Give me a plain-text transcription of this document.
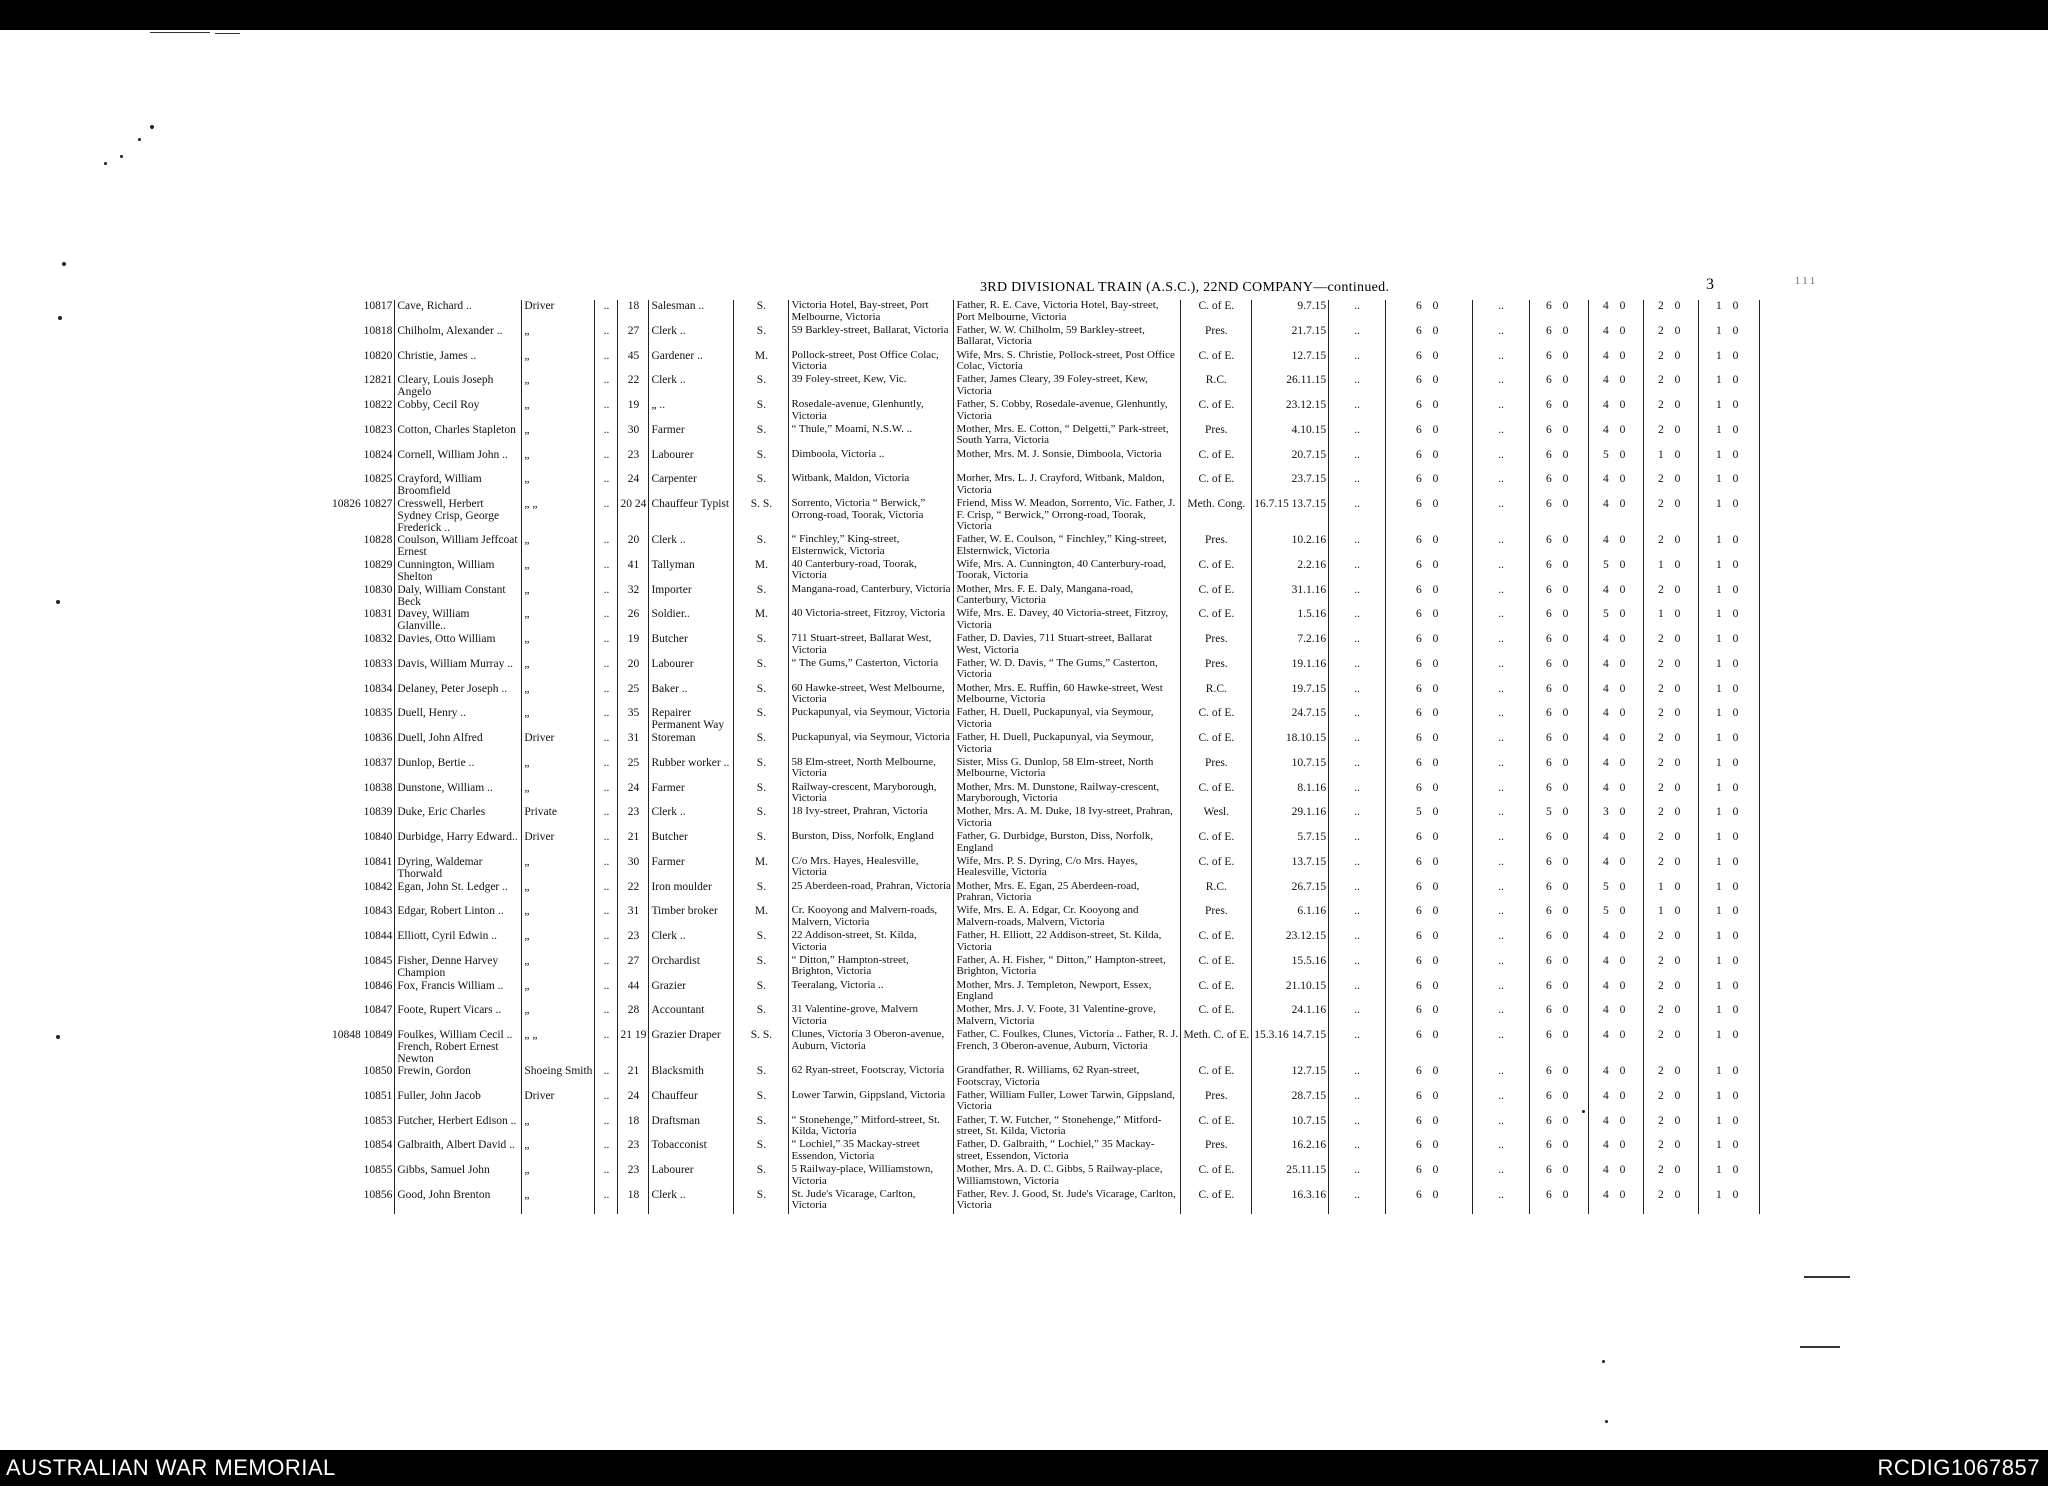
3RD DIVISIONAL TRAIN (A.S.C.), 22ND COMPANY—continued.	3	1 1 1
10817	Cave, Richard ..	Driver	..	18	Salesman ..	S.	Victoria Hotel, Bay-street, Port Melbourne, Victoria	Father, R. E. Cave, Victoria Hotel, Bay-street, Port Melbourne, Victoria	C. of E.	9.7.15	..	6 0	..	6 0	4 0	2 0	1 0
10818	Chilholm, Alexander ..	„	..	27	Clerk ..	S.	59 Barkley-street, Ballarat, Victoria	Father, W. W. Chilholm, 59 Barkley-street, Ballarat, Victoria	Pres.	21.7.15	..	6 0	..	6 0	4 0	2 0	1 0
10820	Christie, James ..	„	..	45	Gardener ..	M.	Pollock-street, Post Office Colac, Victoria	Wife, Mrs. S. Christie, Pollock-street, Post Office Colac, Victoria	C. of E.	12.7.15	..	6 0	..	6 0	4 0	2 0	1 0
12821	Cleary, Louis Joseph Angelo	„	..	22	Clerk ..	S.	39 Foley-street, Kew, Vic.	Father, James Cleary, 39 Foley-street, Kew, Victoria	R.C.	26.11.15	..	6 0	..	6 0	4 0	2 0	1 0
10822	Cobby, Cecil Roy	„	..	19	„ ..	S.	Rosedale-avenue, Glenhuntly, Victoria	Father, S. Cobby, Rosedale-avenue, Glenhuntly, Victoria	C. of E.	23.12.15	..	6 0	..	6 0	4 0	2 0	1 0
10823	Cotton, Charles Stapleton	„	..	30	Farmer	S.	“ Thule,” Moami, N.S.W. ..	Mother, Mrs. E. Cotton, “ Delgetti,” Park-street, South Yarra, Victoria	Pres.	4.10.15	..	6 0	..	6 0	4 0	2 0	1 0
10824	Cornell, William John ..	„	..	23	Labourer	S.	Dimboola, Victoria ..	Mother, Mrs. M. J. Sonsie, Dimboola, Victoria	C. of E.	20.7.15	..	6 0	..	6 0	5 0	1 0	1 0
10825	Crayford, William Broomfield	„	..	24	Carpenter	S.	Witbank, Maldon, Victoria	Morher, Mrs. L. J. Crayford, Witbank, Maldon, Victoria	C. of E.	23.7.15	..	6 0	..	6 0	4 0	2 0	1 0
10826 10827	Cresswell, Herbert Sydney Crisp, George Frederick ..	„ „	..	20 24	Chauffeur Typist	S. S.	Sorrento, Victoria “ Berwick,” Orrong-road, Toorak, Victoria	Friend, Miss W. Meadon, Sorrento, Vic. Father, J. F. Crisp, “ Berwick,” Orrong-road, Toorak, Victoria	Meth. Cong.	16.7.15 13.7.15	..	6 0	..	6 0	4 0	2 0	1 0
10828	Coulson, William Jeffcoat Ernest	„	..	20	Clerk ..	S.	“ Finchley,” King-street, Elsternwick, Victoria	Father, W. E. Coulson, “ Finchley,” King-street, Elsternwick, Victoria	Pres.	10.2.16	..	6 0	..	6 0	4 0	2 0	1 0
10829	Cunnington, William Shelton	„	..	41	Tallyman	M.	40 Canterbury-road, Toorak, Victoria	Wife, Mrs. A. Cunnington, 40 Canterbury-road, Toorak, Victoria	C. of E.	2.2.16	..	6 0	..	6 0	5 0	1 0	1 0
10830	Daly, William Constant Beck	„	..	32	Importer	S.	Mangana-road, Canterbury, Victoria	Mother, Mrs. F. E. Daly, Mangana-road, Canterbury, Victoria	C. of E.	31.1.16	..	6 0	..	6 0	4 0	2 0	1 0
10831	Davey, William Glanville..	„	..	26	Soldier..	M.	40 Victoria-street, Fitzroy, Victoria	Wife, Mrs. E. Davey, 40 Victoria-street, Fitzroy, Victoria	C. of E.	1.5.16	..	6 0	..	6 0	5 0	1 0	1 0
10832	Davies, Otto William	„	..	19	Butcher	S.	711 Stuart-street, Ballarat West, Victoria	Father, D. Davies, 711 Stuart-street, Ballarat West, Victoria	Pres.	7.2.16	..	6 0	..	6 0	4 0	2 0	1 0
10833	Davis, William Murray ..	„	..	20	Labourer	S.	“ The Gums,” Casterton, Victoria	Father, W. D. Davis, “ The Gums,” Casterton, Victoria	Pres.	19.1.16	..	6 0	..	6 0	4 0	2 0	1 0
10834	Delaney, Peter Joseph ..	„	..	25	Baker ..	S.	60 Hawke-street, West Melbourne, Victoria	Mother, Mrs. E. Ruffin, 60 Hawke-street, West Melbourne, Victoria	R.C.	19.7.15	..	6 0	..	6 0	4 0	2 0	1 0
10835	Duell, Henry ..	„	..	35	Repairer Permanent Way	S.	Puckapunyal, via Seymour, Victoria	Father, H. Duell, Puckapunyal, via Seymour, Victoria	C. of E.	24.7.15	..	6 0	..	6 0	4 0	2 0	1 0
10836	Duell, John Alfred	Driver	..	31	Storeman	S.	Puckapunyal, via Seymour, Victoria	Father, H. Duell, Puckapunyal, via Seymour, Victoria	C. of E.	18.10.15	..	6 0	..	6 0	4 0	2 0	1 0
10837	Dunlop, Bertie ..	„	..	25	Rubber worker ..	S.	58 Elm-street, North Melbourne, Victoria	Sister, Miss G. Dunlop, 58 Elm-street, North Melbourne, Victoria	Pres.	10.7.15	..	6 0	..	6 0	4 0	2 0	1 0
10838	Dunstone, William ..	„	..	24	Farmer	S.	Railway-crescent, Maryborough, Victoria	Mother, Mrs. M. Dunstone, Railway-crescent, Maryborough, Victoria	C. of E.	8.1.16	..	6 0	..	6 0	4 0	2 0	1 0
10839	Duke, Eric Charles	Private	..	23	Clerk ..	S.	18 Ivy-street, Prahran, Victoria	Mother, Mrs. A. M. Duke, 18 Ivy-street, Prahran, Victoria	Wesl.	29.1.16	..	5 0	..	5 0	3 0	2 0	1 0
10840	Durbidge, Harry Edward..	Driver	..	21	Butcher	S.	Burston, Diss, Norfolk, England	Father, G. Durbidge, Burston, Diss, Norfolk, England	C. of E.	5.7.15	..	6 0	..	6 0	4 0	2 0	1 0
10841	Dyring, Waldemar Thorwald	„	..	30	Farmer	M.	C/o Mrs. Hayes, Healesville, Victoria	Wife, Mrs. P. S. Dyring, C/o Mrs. Hayes, Healesville, Victoria	C. of E.	13.7.15	..	6 0	..	6 0	4 0	2 0	1 0
10842	Egan, John St. Ledger ..	„	..	22	Iron moulder	S.	25 Aberdeen-road, Prahran, Victoria	Mother, Mrs. E. Egan, 25 Aberdeen-road, Prahran, Victoria	R.C.	26.7.15	..	6 0	..	6 0	5 0	1 0	1 0
10843	Edgar, Robert Linton ..	„	..	31	Timber broker	M.	Cr. Kooyong and Malvern-roads, Malvern, Victoria	Wife, Mrs. E. A. Edgar, Cr. Kooyong and Malvern-roads, Malvern, Victoria	Pres.	6.1.16	..	6 0	..	6 0	5 0	1 0	1 0
10844	Elliott, Cyril Edwin ..	„	..	23	Clerk ..	S.	22 Addison-street, St. Kilda, Victoria	Father, H. Elliott, 22 Addison-street, St. Kilda, Victoria	C. of E.	23.12.15	..	6 0	..	6 0	4 0	2 0	1 0
10845	Fisher, Denne Harvey Champion	„	..	27	Orchardist	S.	“ Ditton,” Hampton-street, Brighton, Victoria	Father, A. H. Fisher, “ Ditton,” Hampton-street, Brighton, Victoria	C. of E.	15.5.16	..	6 0	..	6 0	4 0	2 0	1 0
10846	Fox, Francis William ..	„	..	44	Grazier	S.	Teeralang, Victoria ..	Mother, Mrs. J. Templeton, Newport, Essex, England	C. of E.	21.10.15	..	6 0	..	6 0	4 0	2 0	1 0
10847	Foote, Rupert Vicars ..	„	..	28	Accountant	S.	31 Valentine-grove, Malvern Victoria	Mother, Mrs. J. V. Foote, 31 Valentine-grove, Malvern, Victoria	C. of E.	24.1.16	..	6 0	..	6 0	4 0	2 0	1 0
10848 10849	Foulkes, William Cecil .. French, Robert Ernest Newton	„ „	..	21 19	Grazier Draper	S. S.	Clunes, Victoria 3 Oberon-avenue, Auburn, Victoria	Father, C. Foulkes, Clunes, Victoria .. Father, R. J. French, 3 Oberon-avenue, Auburn, Victoria	Meth. C. of E.	15.3.16 14.7.15	..	6 0	..	6 0	4 0	2 0	1 0
10850	Frewin, Gordon	Shoeing Smith	..	21	Blacksmith	S.	62 Ryan-street, Footscray, Victoria	Grandfather, R. Williams, 62 Ryan-street, Footscray, Victoria	C. of E.	12.7.15	..	6 0	..	6 0	4 0	2 0	1 0
10851	Fuller, John Jacob	Driver	..	24	Chauffeur	S.	Lower Tarwin, Gippsland, Victoria	Father, William Fuller, Lower Tarwin, Gippsland, Victoria	Pres.	28.7.15	..	6 0	..	6 0	4 0	2 0	1 0
10853	Futcher, Herbert Edison ..	„	..	18	Draftsman	S.	“ Stonehenge,” Mitford-street, St. Kilda, Victoria	Father, T. W. Futcher, “ Stonehenge,” Mitford-street, St. Kilda, Victoria	C. of E.	10.7.15	..	6 0	..	6 0	4 0	2 0	1 0
10854	Galbraith, Albert David ..	„	..	23	Tobacconist	S.	“ Lochiel,” 35 Mackay-street Essendon, Victoria	Father, D. Galbraith, “ Lochiel,” 35 Mackay-street, Essendon, Victoria	Pres.	16.2.16	..	6 0	..	6 0	4 0	2 0	1 0
10855	Gibbs, Samuel John	„	..	23	Labourer	S.	5 Railway-place, Williamstown, Victoria	Mother, Mrs. A. D. C. Gibbs, 5 Railway-place, Williamstown, Victoria	C. of E.	25.11.15	..	6 0	..	6 0	4 0	2 0	1 0
10856	Good, John Brenton	„	..	18	Clerk ..	S.	St. Jude's Vicarage, Carlton, Victoria	Father, Rev. J. Good, St. Jude's Vicarage, Carlton, Victoria	C. of E.	16.3.16	..	6 0	..	6 0	4 0	2 0	1 0
AUSTRALIAN WAR MEMORIAL	RCDIG1067857
